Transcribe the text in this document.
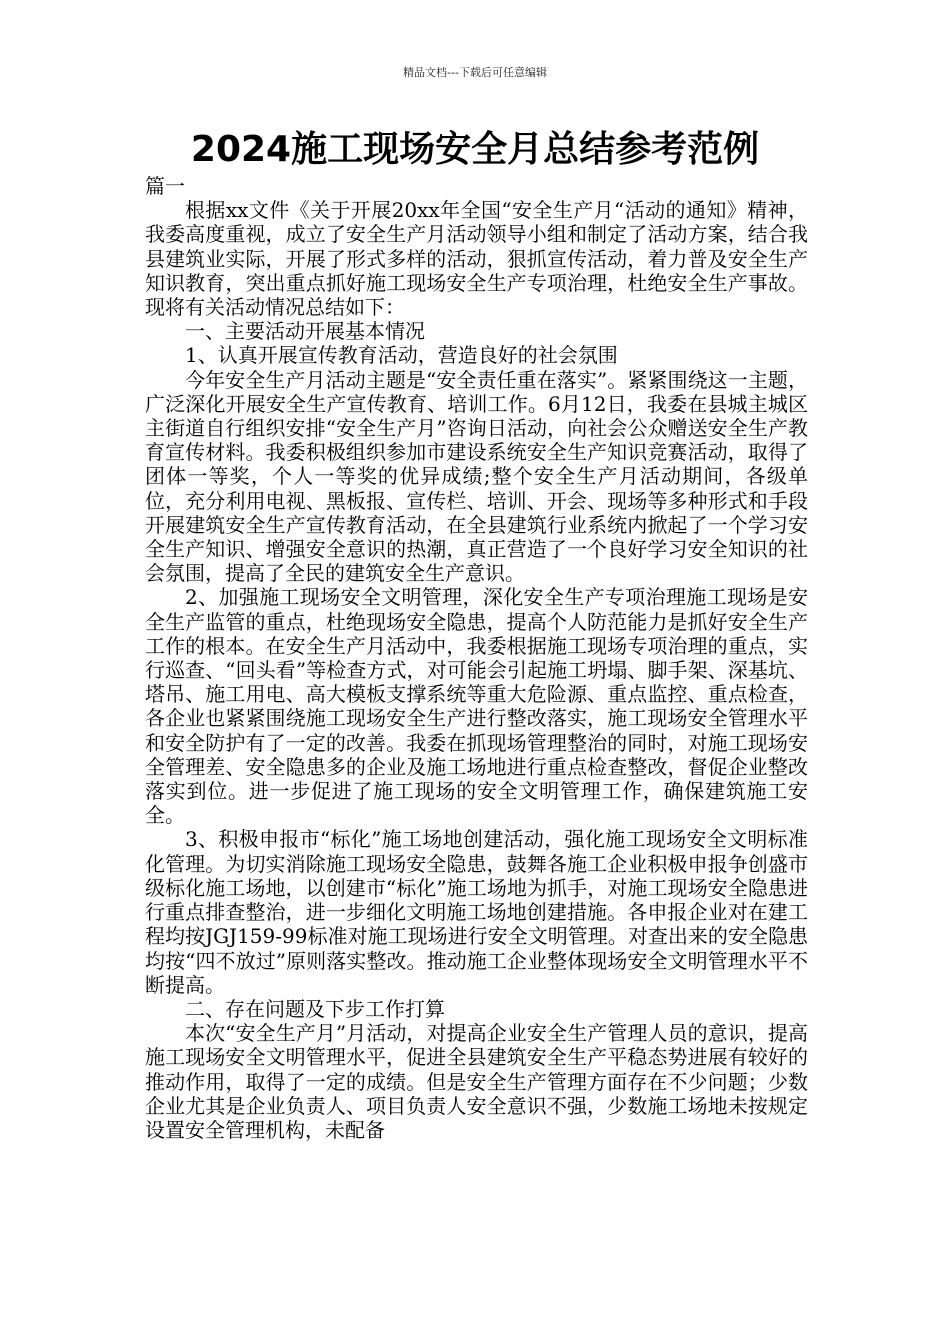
精品文档---下载后可任意编辑
2024施工现场安全月总结参考范例

篇一

根据xx文件《关于开展20xx年全国“安全生产月“活动的通知》精神，我委高度重视，成立了安全生产月活动领导小组和制定了活动方案，结合我县建筑业实际，开展了形式多样的活动，狠抓宣传活动，着力普及安全生产知识教育，突出重点抓好施工现场安全生产专项治理，杜绝安全生产事故。现将有关活动情况总结如下：

一、主要活动开展基本情况

1、认真开展宣传教育活动，营造良好的社会氛围

今年安全生产月活动主题是“安全责任重在落实”。紧紧围绕这一主题，广泛深化开展安全生产宣传教育、培训工作。6月12日，我委在县城主城区主街道自行组织安排“安全生产月”咨询日活动，向社会公众赠送安全生产教育宣传材料。我委积极组织参加市建设系统安全生产知识竞赛活动，取得了团体一等奖，个人一等奖的优异成绩;整个安全生产月活动期间，各级单位，充分利用电视、黑板报、宣传栏、培训、开会、现场等多种形式和手段开展建筑安全生产宣传教育活动，在全县建筑行业系统内掀起了一个学习安全生产知识、增强安全意识的热潮，真正营造了一个良好学习安全知识的社会氛围，提高了全民的建筑安全生产意识。

2、加强施工现场安全文明管理，深化安全生产专项治理施工现场是安全生产监管的重点，杜绝现场安全隐患，提高个人防范能力是抓好安全生产工作的根本。在安全生产月活动中，我委根据施工现场专项治理的重点，实行巡查、“回头看”等检查方式，对可能会引起施工坍塌、脚手架、深基坑、塔吊、施工用电、高大模板支撑系统等重大危险源、重点监控、重点检查，各企业也紧紧围绕施工现场安全生产进行整改落实，施工现场安全管理水平和安全防护有了一定的改善。我委在抓现场管理整治的同时，对施工现场安全管理差、安全隐患多的企业及施工场地进行重点检查整改，督促企业整改落实到位。进一步促进了施工现场的安全文明管理工作，确保建筑施工安全。

3、积极申报市“标化”施工场地创建活动，强化施工现场安全文明标准化管理。为切实消除施工现场安全隐患，鼓舞各施工企业积极申报争创盛市级标化施工场地，以创建市“标化”施工场地为抓手，对施工现场安全隐患进行重点排查整治，进一步细化文明施工场地创建措施。各申报企业对在建工程均按JGJ159-99标准对施工现场进行安全文明管理。对查出来的安全隐患均按“四不放过”原则落实整改。推动施工企业整体现场安全文明管理水平不断提高。

二、存在问题及下步工作打算

本次“安全生产月”月活动，对提高企业安全生产管理人员的意识，提高施工现场安全文明管理水平，促进全县建筑安全生产平稳态势进展有较好的推动作用，取得了一定的成绩。但是安全生产管理方面存在不少问题；少数企业尤其是企业负责人、项目负责人安全意识不强，少数施工场地未按规定设置安全管理机构，未配备
